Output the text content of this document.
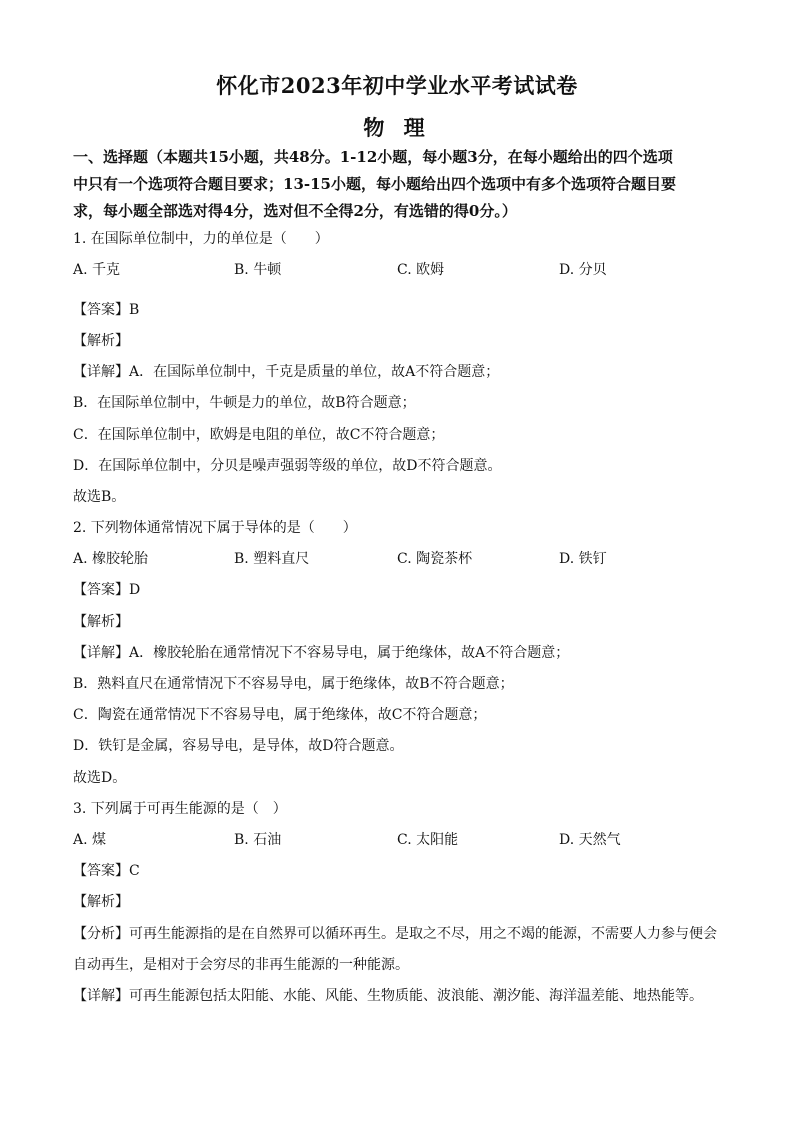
怀化市2023年初中学业水平考试试卷
物 理
一、选择题（本题共15小题，共48分。1-12小题，每小题3分，在每小题给出的四个选项
中只有一个选项符合题目要求；13-15小题，每小题给出四个选项中有多个选项符合题目要
求，每小题全部选对得4分，选对但不全得2分，有选错的得0分。）
1. 在国际单位制中，力的单位是（　　）
A. 千克	B. 牛顿	C. 欧姆	D. 分贝
【答案】B
【解析】
【详解】A．在国际单位制中，千克是质量的单位，故A不符合题意；
B．在国际单位制中，牛顿是力的单位，故B符合题意；
C．在国际单位制中，欧姆是电阻的单位，故C不符合题意；
D．在国际单位制中，分贝是噪声强弱等级的单位，故D不符合题意。
故选B。
2. 下列物体通常情况下属于导体的是（　　）
A. 橡胶轮胎	B. 塑料直尺	C. 陶瓷茶杯	D. 铁钉
【答案】D
【解析】
【详解】A．橡胶轮胎在通常情况下不容易导电，属于绝缘体，故A不符合题意；
B．熟料直尺在通常情况下不容易导电，属于绝缘体，故B不符合题意；
C．陶瓷在通常情况下不容易导电，属于绝缘体，故C不符合题意；
D．铁钉是金属，容易导电，是导体，故D符合题意。
故选D。
3. 下列属于可再生能源的是（　）
A. 煤	B. 石油	C. 太阳能	D. 天然气
【答案】C
【解析】
【分析】可再生能源指的是在自然界可以循环再生。是取之不尽，用之不竭的能源，不需要人力参与便会
自动再生，是相对于会穷尽的非再生能源的一种能源。
【详解】可再生能源包括太阳能、水能、风能、生物质能、波浪能、潮汐能、海洋温差能、地热能等。
